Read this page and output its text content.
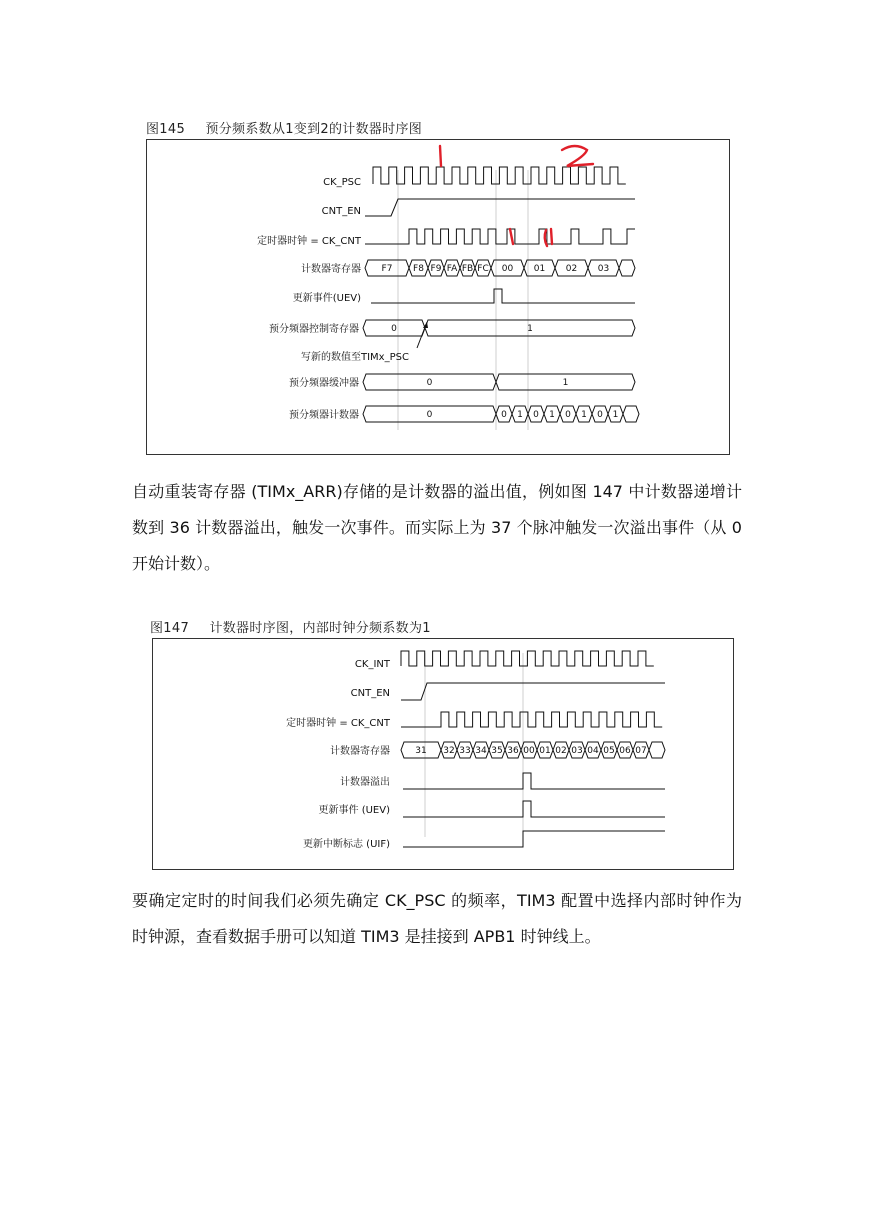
图145 预分频系数从1变到2的计数器时序图
CK_PSC
CNT_EN
定时器时钟 = CK_CNT
计数器寄存器
更新事件(UEV)
预分频器控制寄存器
预分频器缓冲器
预分频器计数器
F7 F8 F9 FA FB FC 00 01 02 03
0	1
0	1
0	0 1 0 1 0 1 0 1
写新的数值至TIMx_PSC

自动重装寄存器 (TIMx_ARR)存储的是计数器的溢出值，例如图 147 中计数器递增计数到 36 计数器溢出，触发一次事件。而实际上为 37 个脉冲触发一次溢出事件（从 0 开始计数）。

图147 计数器时序图，内部时钟分频系数为1
CK_INT
CNT_EN
定时器时钟 = CK_CNT
计数器寄存器
计数器溢出
更新事件 (UEV)
更新中断标志 (UIF)
31 32 33 34 35 36 00 01 02 03 04 05 06 07

要确定定时的时间我们必须先确定 CK_PSC 的频率，TIM3 配置中选择内部时钟作为时钟源，查看数据手册可以知道 TIM3 是挂接到 APB1 时钟线上。
